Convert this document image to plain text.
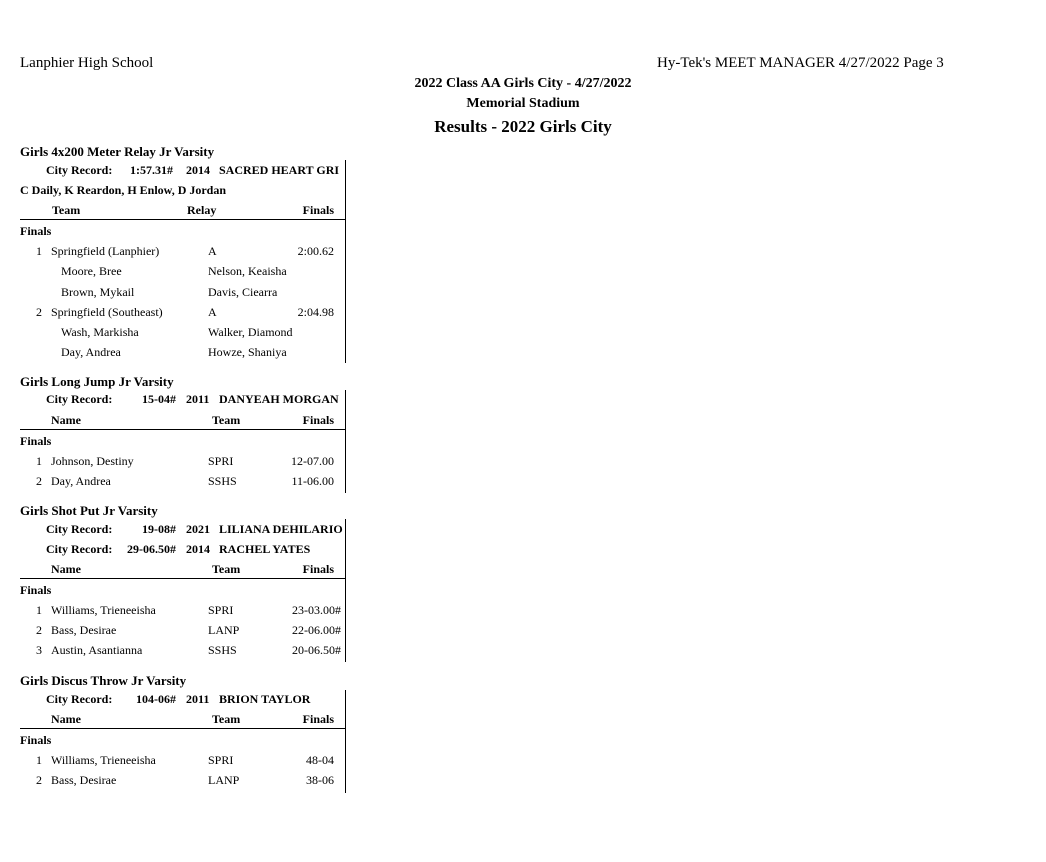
Lanphier High School	Hy-Tek's MEET MANAGER 4/27/2022 Page 3
2022 Class AA Girls City - 4/27/2022
Memorial Stadium
Results - 2022 Girls City
Girls 4x200 Meter Relay Jr Varsity
City Record: 1:57.31# 2014 SACRED HEART GRI
C Daily, K Reardon, H Enlow, D Jordan
Team	Relay	Finals
Finals
1 Springfield (Lanphier)	A	2:00.62
Moore, Bree	Nelson, Keaisha
Brown, Mykail	Davis, Ciearra
2 Springfield (Southeast)	A	2:04.98
Wash, Markisha	Walker, Diamond
Day, Andrea	Howze, Shaniya
Girls Long Jump Jr Varsity
City Record:	15-04# 2011 DANYEAH MORGAN
Name	Team	Finals
Finals
1 Johnson, Destiny	SPRI	12-07.00
2 Day, Andrea	SSHS	11-06.00
Girls Shot Put Jr Varsity
City Record:	19-08# 2021 LILIANA DEHILARIO
City Record:	29-06.50# 2014 RACHEL YATES
Name	Team	Finals
Finals
1 Williams, Trieneeisha	SPRI	23-03.00#
2 Bass, Desirae	LANP	22-06.00#
3 Austin, Asantianna	SSHS	20-06.50#
Girls Discus Throw Jr Varsity
City Record:	104-06# 2011 BRION TAYLOR
Name	Team	Finals
Finals
1 Williams, Trieneeisha	SPRI	48-04
2 Bass, Desirae	LANP	38-06
